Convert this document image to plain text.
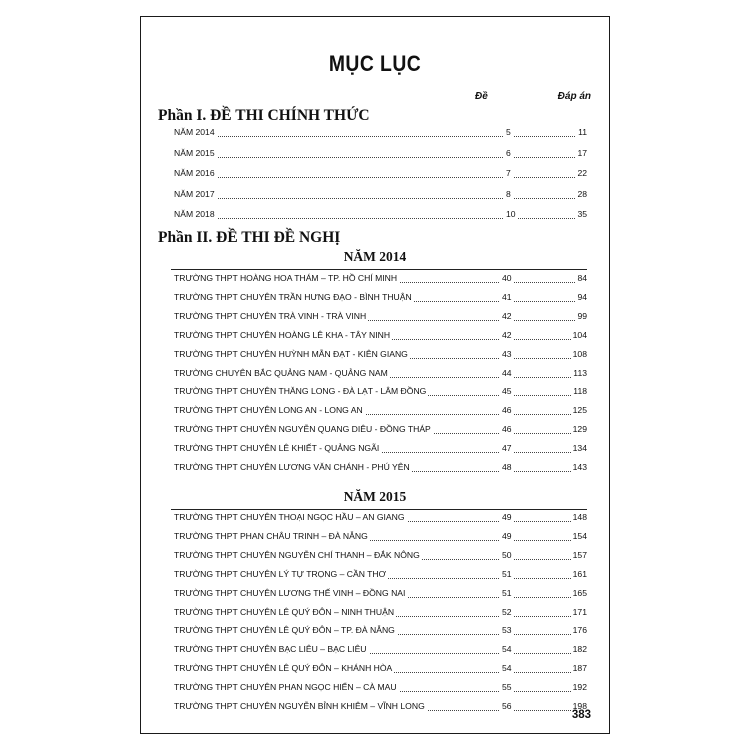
MỤC LỤC
Đề	Đáp án
Phần I. ĐỀ THI CHÍNH THỨC
NĂM 2014	5	11
NĂM 2015	6	17
NĂM 2016	7	22
NĂM 2017	8	28
NĂM 2018	10	35
Phần II. ĐỀ THI ĐỀ NGHỊ
NĂM 2014
TRƯỜNG THPT HOÀNG HOA THÁM – TP. HỒ CHÍ MINH	40	84
TRƯỜNG THPT CHUYÊN TRẦN HƯNG ĐẠO - BÌNH THUẬN	41	94
TRƯỜNG THPT CHUYÊN TRÀ VINH - TRÀ VINH	42	99
TRƯỜNG THPT CHUYÊN HOÀNG LÊ KHA - TÂY NINH	42	104
TRƯỜNG THPT CHUYÊN HUỲNH MẪN ĐẠT - KIÊN GIANG	43	108
TRƯỜNG CHUYÊN BẮC QUẢNG NAM - QUẢNG NAM	44	113
TRƯỜNG THPT CHUYÊN THĂNG LONG - ĐÀ LẠT - LÂM ĐỒNG	45	118
TRƯỜNG THPT CHUYÊN LONG AN - LONG AN	46	125
TRƯỜNG THPT CHUYÊN NGUYỄN QUANG DIÊU - ĐỒNG THÁP	46	129
TRƯỜNG THPT CHUYÊN LÊ KHIẾT - QUẢNG NGÃI	47	134
TRƯỜNG THPT CHUYÊN LƯƠNG VĂN CHÁNH - PHÚ YÊN	48	143
NĂM 2015
TRƯỜNG THPT CHUYÊN THOẠI NGỌC HẦU – AN GIANG	49	148
TRƯỜNG THPT PHAN CHÂU TRINH – ĐÀ NẴNG	49	154
TRƯỜNG THPT CHUYÊN NGUYỄN CHÍ THANH – ĐẮK NÔNG	50	157
TRƯỜNG THPT CHUYÊN LÝ TỰ TRỌNG – CẦN THƠ	51	161
TRƯỜNG THPT CHUYÊN LƯƠNG THẾ VINH – ĐỒNG NAI	51	165
TRƯỜNG THPT CHUYÊN LÊ QUÝ ĐÔN – NINH THUẬN	52	171
TRƯỜNG THPT CHUYÊN LÊ QUÝ ĐÔN – TP. ĐÀ NẴNG	53	176
TRƯỜNG THPT CHUYÊN BẠC LIÊU – BẠC LIÊU	54	182
TRƯỜNG THPT CHUYÊN LÊ QUÝ ĐÔN – KHÁNH HÒA	54	187
TRƯỜNG THPT CHUYÊN PHAN NGỌC HIỂN – CÀ MAU	55	192
TRƯỜNG THPT CHUYÊN NGUYỄN BỈNH KHIÊM – VĨNH LONG	56	198
383
